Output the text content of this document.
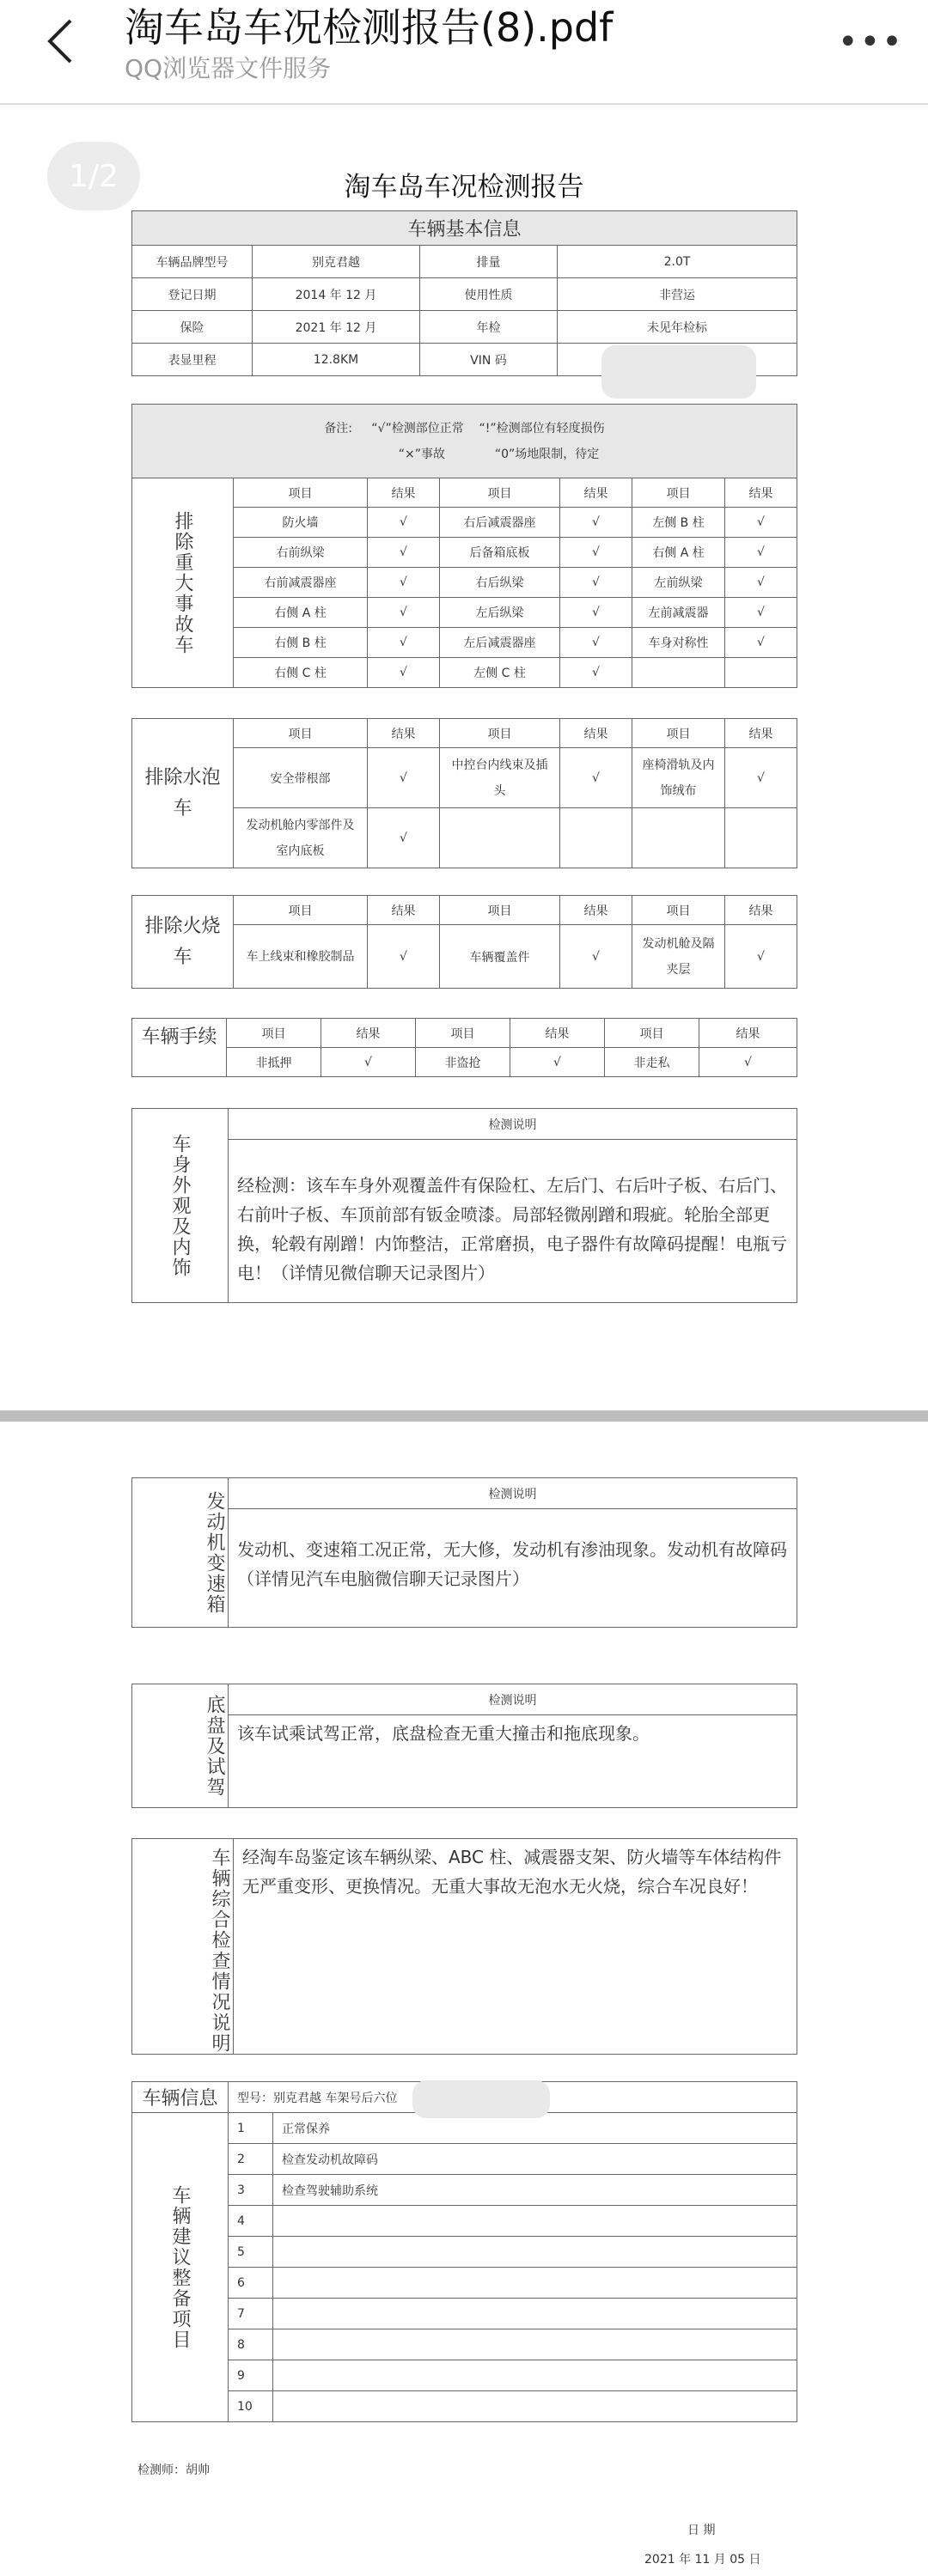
淘车岛车况检测报告(8).pdf
QQ浏览器文件服务
•••
1/2	淘车岛车况检测报告
车辆基本信息			
车辆品牌型号	别克君越	排量	2.0T
登记日期	2014 年 12 月	使用性质	非营运
保险	2021 年 12 月	年检	未见年检标
表显里程	12.8KM	VIN 码	
备注: “√”检测部位正常 “!”检测部位有轻度损伤
“×”事故 “0”场地限制，待定						

排除重大事故车	项目	结果	项目	结果	项目	结果
	防火墙	√	右后减震器座	√	左侧 B 柱	√
	右前纵梁	√	后备箱底板	√	右侧 A 柱	√
	右前减震器座	√	右后纵梁	√	左前纵梁	√
	右侧 A 柱	√	左后纵梁	√	左前减震器	√
	右侧 B 柱	√	左后减震器座	√	车身对称性	√
	右侧 C 柱	√	左侧 C 柱	√		
排除水泡车	项目	结果	项目	结果	项目	结果
	安全带根部	√	中控台内线束及插头	√	座椅滑轨及内饰绒布	√
	发动机舱内零部件及室内底板	√				
排除火烧车	项目	结果	项目	结果	项目	结果
	车上线束和橡胶制品	√	车辆覆盖件	√	发动机舱及隔夹层	√
车辆手续	项目	结果	项目	结果	项目	结果
	非抵押	√	非盗抢	√	非走私	√
车身外观及内饰	检测说明
经检测：该车车身外观覆盖件有保险杠、左后门、右后叶子板、右后门、右前叶子板、车顶前部有钣金喷漆。局部轻微剐蹭和瑕疵。轮胎全部更换，轮毂有剐蹭！内饰整洁，正常磨损，电子器件有故障码提醒！电瓶亏电！（详情见微信聊天记录图片）
发动机变速箱	检测说明
发动机、变速箱工况正常，无大修，发动机有渗油现象。发动机有故障码（详情见汽车电脑微信聊天记录图片）
底盘及试驾	检测说明
该车试乘试驾正常，底盘检查无重大撞击和拖底现象。
车辆综合检查情况说明	经淘车岛鉴定该车辆纵梁、ABC 柱、减震器支架、防火墙等车体结构件无严重变形、更换情况。无重大事故无泡水无火烧，综合车况良好！
车辆信息	型号：别克君越 车架号后六位	
车辆建议整备项目	1	正常保养
	2	检查发动机故障码
	3	检查驾驶辅助系统
	4	
	5	
	6	
	7	
	8	
	9	
	10	
检测师：胡帅
日 期
2021 年 11 月 05 日
